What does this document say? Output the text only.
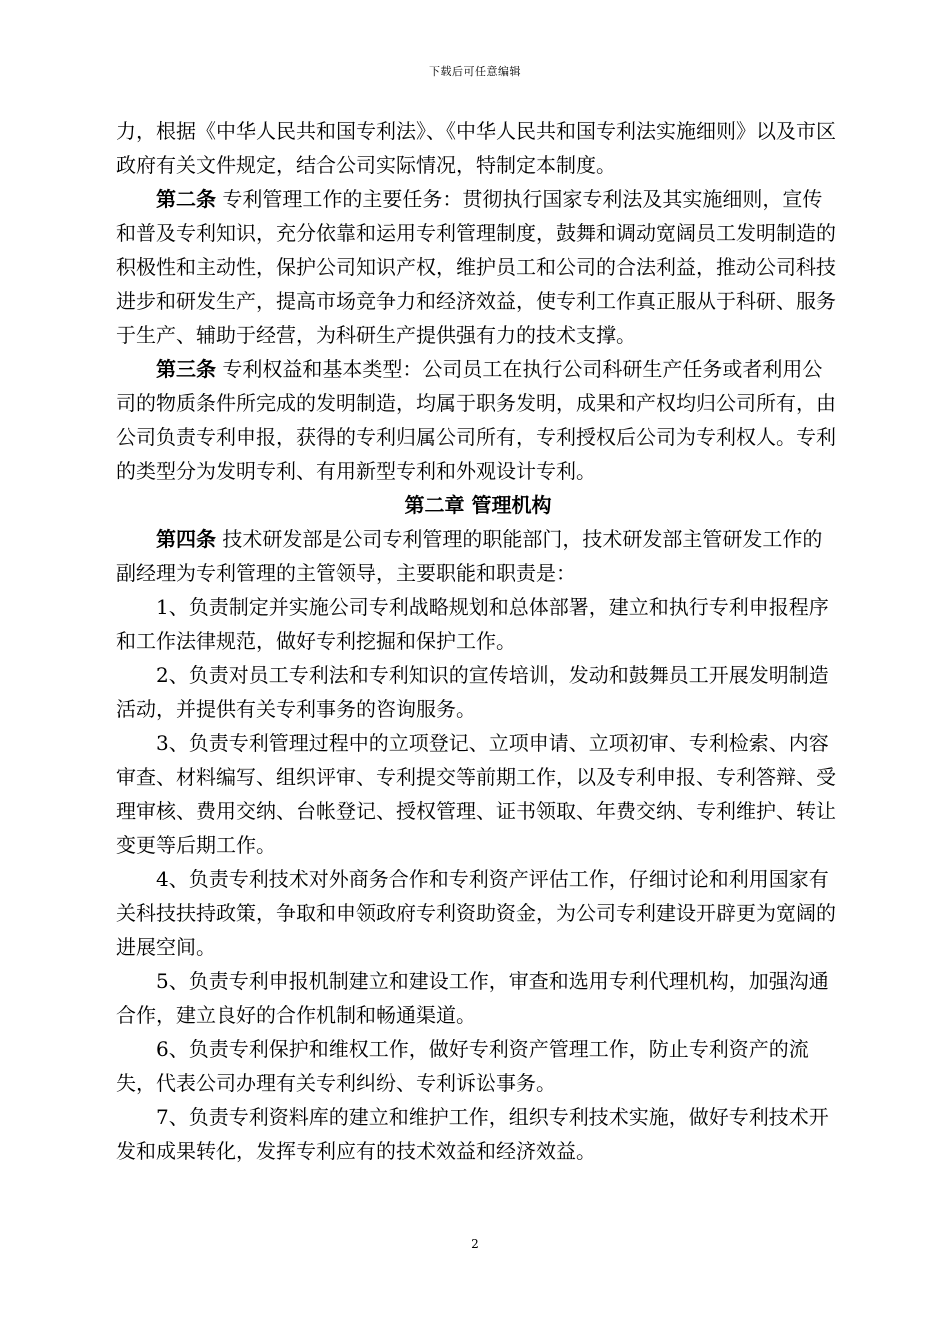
下载后可任意编辑

力，根据《中华人民共和国专利法》、《中华人民共和国专利法实施细则》以及市区政府有关文件规定，结合公司实际情况，特制定本制度。

第二条 专利管理工作的主要任务：贯彻执行国家专利法及其实施细则，宣传和普及专利知识，充分依靠和运用专利管理制度，鼓舞和调动宽阔员工发明制造的积极性和主动性，保护公司知识产权，维护员工和公司的合法利益，推动公司科技进步和研发生产，提高市场竞争力和经济效益，使专利工作真正服从于科研、服务于生产、辅助于经营，为科研生产提供强有力的技术支撑。

第三条 专利权益和基本类型：公司员工在执行公司科研生产任务或者利用公司的物质条件所完成的发明制造，均属于职务发明，成果和产权均归公司所有，由公司负责专利申报，获得的专利归属公司所有，专利授权后公司为专利权人。专利的类型分为发明专利、有用新型专利和外观设计专利。

第二章 管理机构

第四条 技术研发部是公司专利管理的职能部门，技术研发部主管研发工作的副经理为专利管理的主管领导，主要职能和职责是：

1、负责制定并实施公司专利战略规划和总体部署，建立和执行专利申报程序和工作法律规范，做好专利挖掘和保护工作。

2、负责对员工专利法和专利知识的宣传培训，发动和鼓舞员工开展发明制造活动，并提供有关专利事务的咨询服务。

3、负责专利管理过程中的立项登记、立项申请、立项初审、专利检索、内容审查、材料编写、组织评审、专利提交等前期工作，以及专利申报、专利答辩、受理审核、费用交纳、台帐登记、授权管理、证书领取、年费交纳、专利维护、转让变更等后期工作。

4、负责专利技术对外商务合作和专利资产评估工作，仔细讨论和利用国家有关科技扶持政策，争取和申领政府专利资助资金，为公司专利建设开辟更为宽阔的进展空间。

5、负责专利申报机制建立和建设工作，审查和选用专利代理机构，加强沟通合作，建立良好的合作机制和畅通渠道。

6、负责专利保护和维权工作，做好专利资产管理工作，防止专利资产的流失，代表公司办理有关专利纠纷、专利诉讼事务。

7、负责专利资料库的建立和维护工作，组织专利技术实施，做好专利技术开发和成果转化，发挥专利应有的技术效益和经济效益。

2
